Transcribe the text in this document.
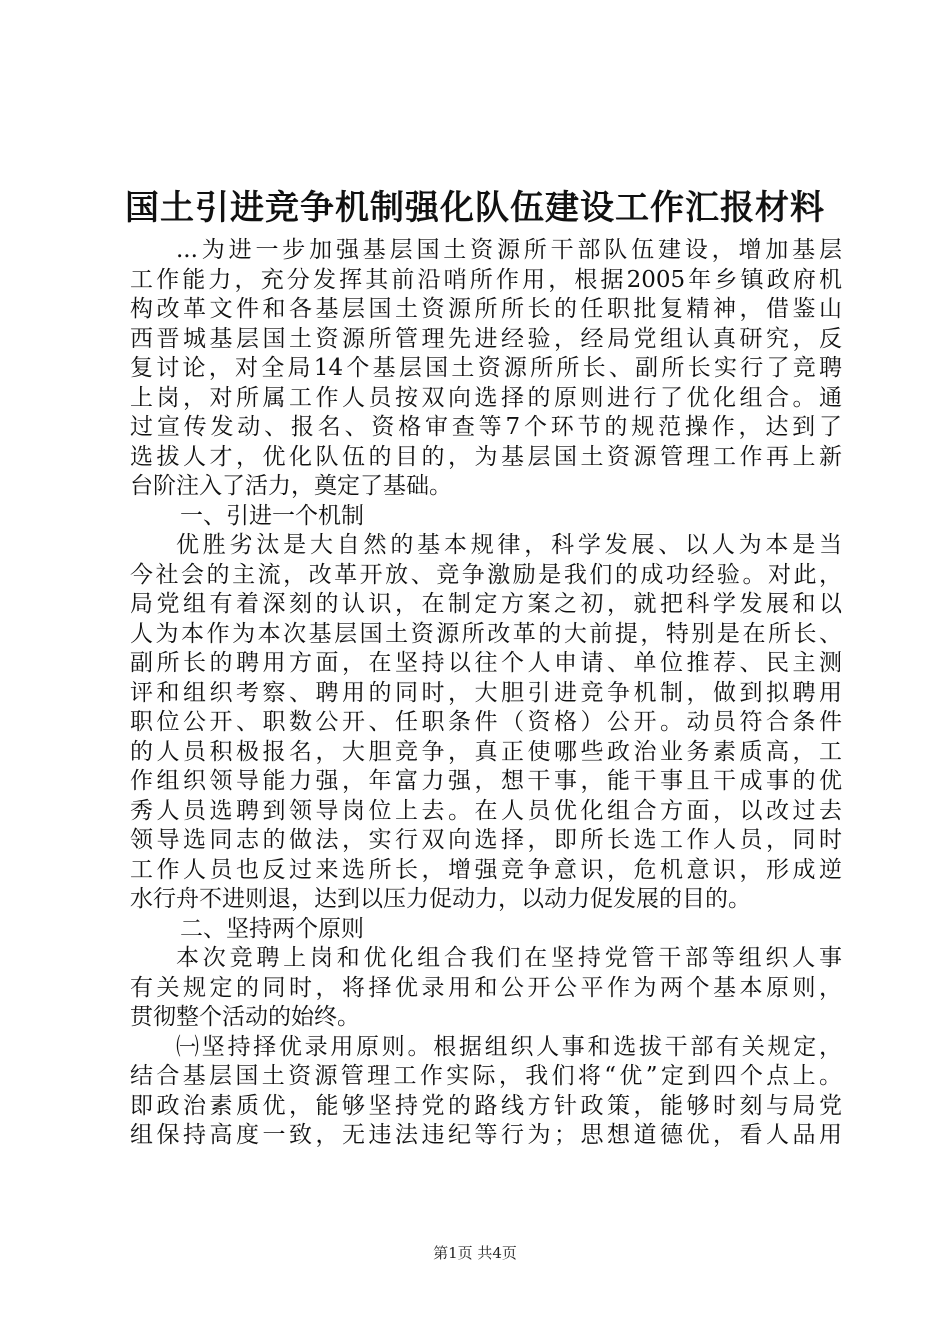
国土引进竞争机制强化队伍建设工作汇报材料
...为进一步加强基层国土资源所干部队伍建设，增加基层
工作能力，充分发挥其前沿哨所作用，根据2005年乡镇政府机
构改革文件和各基层国土资源所所长的任职批复精神，借鉴山
西晋城基层国土资源所管理先进经验，经局党组认真研究，反
复讨论，对全局14个基层国土资源所所长、副所长实行了竞聘
上岗，对所属工作人员按双向选择的原则进行了优化组合。通
过宣传发动、报名、资格审查等7个环节的规范操作，达到了
选拔人才，优化队伍的目的，为基层国土资源管理工作再上新
台阶注入了活力，奠定了基础。
一、引进一个机制
优胜劣汰是大自然的基本规律，科学发展、以人为本是当
今社会的主流，改革开放、竞争激励是我们的成功经验。对此，
局党组有着深刻的认识，在制定方案之初，就把科学发展和以
人为本作为本次基层国土资源所改革的大前提，特别是在所长、
副所长的聘用方面，在坚持以往个人申请、单位推荐、民主测
评和组织考察、聘用的同时，大胆引进竞争机制，做到拟聘用
职位公开、职数公开、任职条件（资格）公开。动员符合条件
的人员积极报名，大胆竞争，真正使哪些政治业务素质高，工
作组织领导能力强，年富力强，想干事，能干事且干成事的优
秀人员选聘到领导岗位上去。在人员优化组合方面，以改过去
领导选同志的做法，实行双向选择，即所长选工作人员，同时
工作人员也反过来选所长，增强竞争意识，危机意识，形成逆
水行舟不进则退，达到以压力促动力，以动力促发展的目的。
二、坚持两个原则
本次竞聘上岗和优化组合我们在坚持党管干部等组织人事
有关规定的同时，将择优录用和公开公平作为两个基本原则，
贯彻整个活动的始终。
㈠坚持择优录用原则。根据组织人事和选拔干部有关规定，
结合基层国土资源管理工作实际，我们将“优”定到四个点上。
即政治素质优，能够坚持党的路线方针政策，能够时刻与局党
组保持高度一致，无违法违纪等行为；思想道德优，看人品用
第1页 共4页
